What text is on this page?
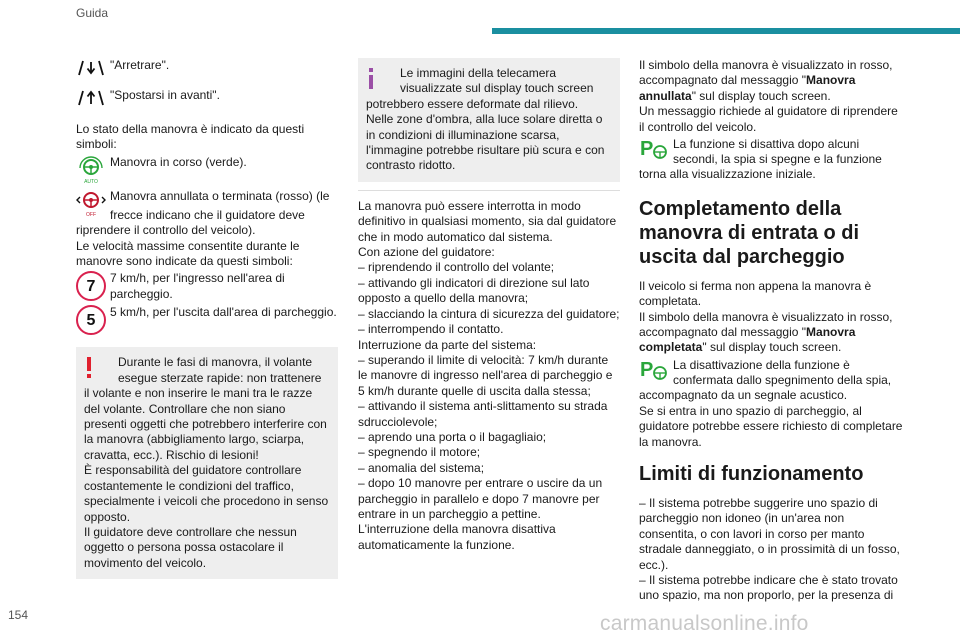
Guida
"Arretrare".
"Spostarsi in avanti".

Lo stato della manovra è indicato da questi simboli:

AUTO
Manovra in corso (verde).
OFF
Manovra annullata o terminata (rosso) (le

frecce indicano che il guidatore deve riprendere il controllo del veicolo).

Le velocità massime consentite durante le manovre sono indicate da questi simboli:

7	7 km/h, per l'ingresso nell'area di parcheggio.
5	5 km/h, per l'uscita dall'area di parcheggio.

Durante le fasi di manovra, il volante

esegue sterzate rapide: non trattenere il volante e non inserire le mani tra le razze del volante. Controllare che non siano presenti oggetti che potrebbero interferire con la manovra (abbigliamento largo, sciarpa, cravatta, ecc.). Rischio di lesioni!

È responsabilità del guidatore controllare costantemente le condizioni del traffico, specialmente i veicoli che procedono in senso opposto.

Il guidatore deve controllare che nessun oggetto o persona possa ostacolare il movimento del veicolo.

Le immagini della telecamera

visualizzate sul display touch screen potrebbero essere deformate dal rilievo.

Nelle zone d'ombra, alla luce solare diretta o in condizioni di illuminazione scarsa, l'immagine potrebbe risultare più scura e con contrasto ridotto.

La manovra può essere interrotta in modo definitivo in qualsiasi momento, sia dal guidatore che in modo automatico dal sistema.

Con azione del guidatore:

– riprendendo il controllo del volante;

– attivando gli indicatori di direzione sul lato opposto a quello della manovra;

– slacciando la cintura di sicurezza del guidatore;

– interrompendo il contatto.

Interruzione da parte del sistema:

– superando il limite di velocità: 7 km/h durante le manovre di ingresso nell'area di parcheggio e 5 km/h durante quelle di uscita dalla stessa;

– attivando il sistema anti-slittamento su strada sdrucciolevole;

– aprendo una porta o il bagagliaio;

– spegnendo il motore;

– anomalia del sistema;

– dopo 10 manovre per entrare o uscire da un parcheggio in parallelo e dopo 7 manovre per entrare in un parcheggio a pettine.

L'interruzione della manovra disattiva automaticamente la funzione.

Il simbolo della manovra è visualizzato in rosso, accompagnato dal messaggio "Manovra annullata" sul display touch screen.

Un messaggio richiede al guidatore di riprendere il controllo del veicolo.

P La funzione si disattiva dopo alcuni

secondi, la spia si spegne e la funzione torna alla visualizzazione iniziale.

Completamento della manovra di entrata o di uscita dal parcheggio

Il veicolo si ferma non appena la manovra è completata.

Il simbolo della manovra è visualizzato in rosso, accompagnato dal messaggio "Manovra completata" sul display touch screen.

P La disattivazione della funzione è

confermata dallo spegnimento della spia, accompagnato da un segnale acustico.

Se si entra in uno spazio di parcheggio, al guidatore potrebbe essere richiesto di completare la manovra.

Limiti di funzionamento

– Il sistema potrebbe suggerire uno spazio di parcheggio non idoneo (in un'area non consentita, o con lavori in corso per manto stradale danneggiato, o in prossimità di un fosso, ecc.).

– Il sistema potrebbe indicare che è stato trovato uno spazio, ma non proporlo, per la presenza di

154	carmanualsonline.info
